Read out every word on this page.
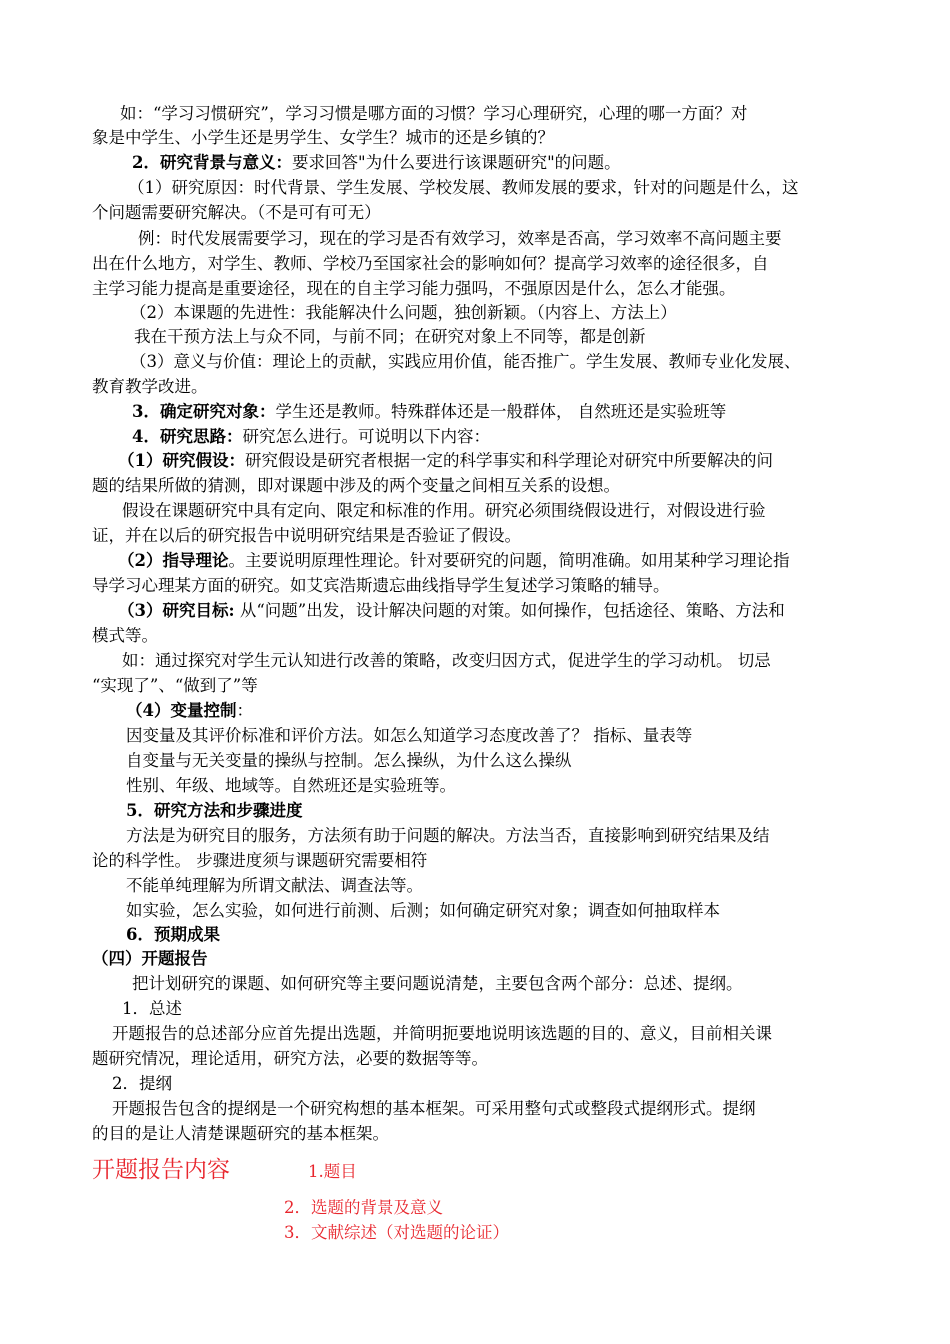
如：“学习习惯研究”，学习习惯是哪方面的习惯？学习心理研究，心理的哪一方面？对
象是中学生、小学生还是男学生、女学生？城市的还是乡镇的？
2．研究背景与意义：要求回答"为什么要进行该课题研究"的问题。
（1）研究原因：时代背景、学生发展、学校发展、教师发展的要求，针对的问题是什么，这
个问题需要研究解决。（不是可有可无）
例：时代发展需要学习，现在的学习是否有效学习，效率是否高，学习效率不高问题主要
出在什么地方，对学生、教师、学校乃至国家社会的影响如何？提高学习效率的途径很多，自
主学习能力提高是重要途径，现在的自主学习能力强吗，不强原因是什么，怎么才能强。
（2）本课题的先进性：我能解决什么问题，独创新颖。（内容上、方法上）
我在干预方法上与众不同，与前不同；在研究对象上不同等，都是创新
（3）意义与价值：理论上的贡献，实践应用价值，能否推广。学生发展、教师专业化发展、
教育教学改进。
3．确定研究对象：学生还是教师。特殊群体还是一般群体， 自然班还是实验班等
4．研究思路：研究怎么进行。可说明以下内容：
（1）研究假设：研究假设是研究者根据一定的科学事实和科学理论对研究中所要解决的问
题的结果所做的猜测，即对课题中涉及的两个变量之间相互关系的设想。
假设在课题研究中具有定向、限定和标准的作用。研究必须围绕假设进行，对假设进行验
证，并在以后的研究报告中说明研究结果是否验证了假设。
（2）指导理论。主要说明原理性理论。针对要研究的问题，简明准确。如用某种学习理论指
导学习心理某方面的研究。如艾宾浩斯遗忘曲线指导学生复述学习策略的辅导。
（3）研究目标: 从“问题”出发，设计解决问题的对策。如何操作，包括途径、策略、方法和
模式等。
如：通过探究对学生元认知进行改善的策略，改变归因方式，促进学生的学习动机。 切忌
“实现了”、“做到了”等
（4）变量控制：
因变量及其评价标准和评价方法。如怎么知道学习态度改善了？ 指标、量表等
自变量与无关变量的操纵与控制。怎么操纵，为什么这么操纵
性别、年级、地域等。自然班还是实验班等。
5．研究方法和步骤进度
方法是为研究目的服务，方法须有助于问题的解决。方法当否，直接影响到研究结果及结
论的科学性。 步骤进度须与课题研究需要相符
不能单纯理解为所谓文献法、调查法等。
如实验，怎么实验，如何进行前测、后测；如何确定研究对象；调查如何抽取样本
6．预期成果
（四）开题报告
把计划研究的课题、如何研究等主要问题说清楚，主要包含两个部分：总述、提纲。
1．总述
开题报告的总述部分应首先提出选题，并简明扼要地说明该选题的目的、意义，目前相关课
题研究情况，理论适用，研究方法，必要的数据等等。
2．提纲
开题报告包含的提纲是一个研究构想的基本框架。可采用整句式或整段式提纲形式。提纲
的目的是让人清楚课题研究的基本框架。
开题报告内容	1.题目
2．选题的背景及意义
3．文献综述（对选题的论证）
